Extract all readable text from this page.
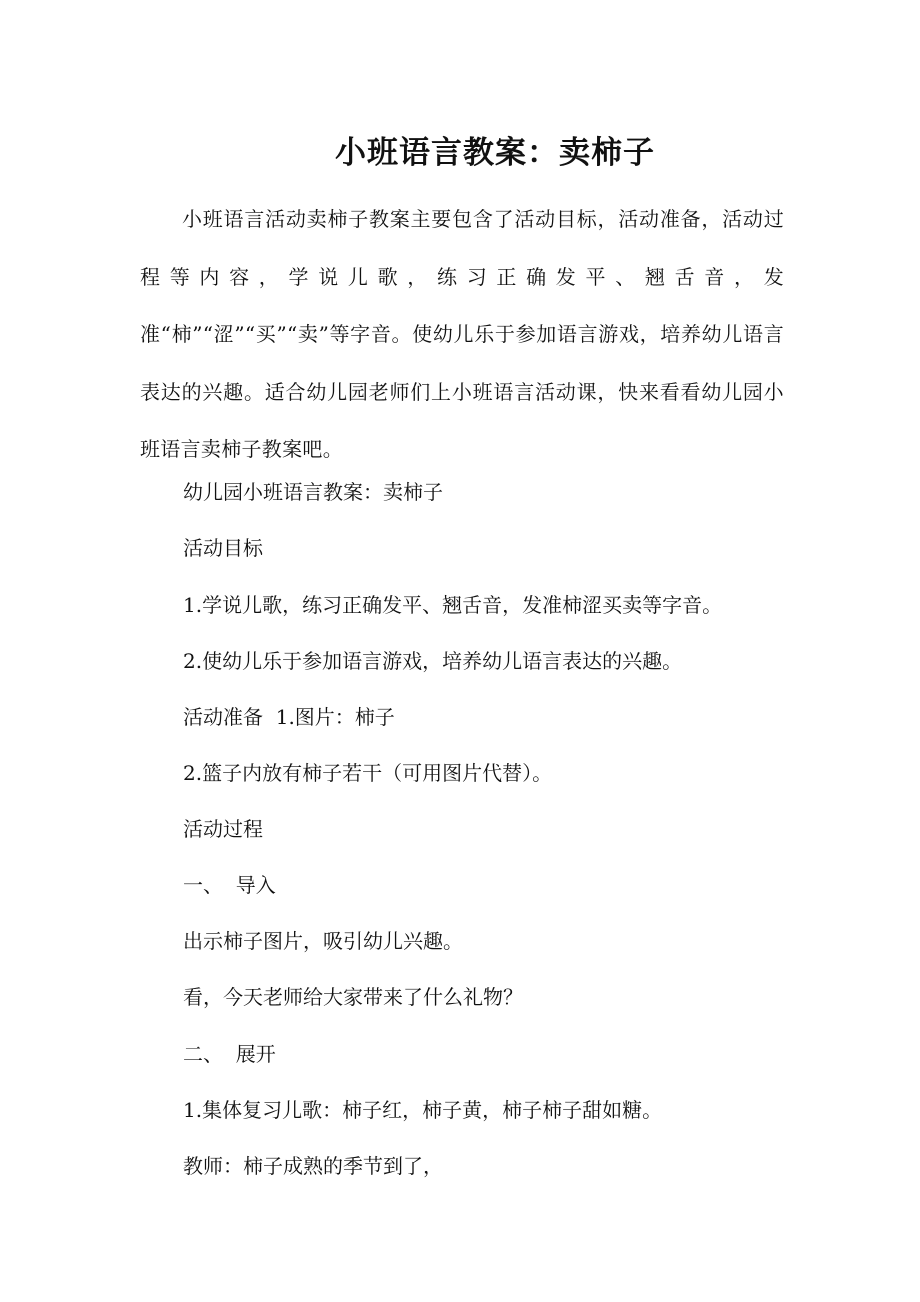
小班语言教案：卖柿子

小班语言活动卖柿子教案主要包含了活动目标，活动准备，活动过程等内容，学说儿歌，练习正确发平、翘舌音，发准“柿”“涩”“买”“卖”等字音。使幼儿乐于参加语言游戏，培养幼儿语言表达的兴趣。适合幼儿园老师们上小班语言活动课，快来看看幼儿园小班语言卖柿子教案吧。

幼儿园小班语言教案：卖柿子

活动目标

1.学说儿歌，练习正确发平、翘舌音，发准柿涩买卖等字音。

2.使幼儿乐于参加语言游戏，培养幼儿语言表达的兴趣。

活动准备  1.图片：柿子

2.篮子内放有柿子若干（可用图片代替）。

活动过程

一、  导入

出示柿子图片，吸引幼儿兴趣。

看，今天老师给大家带来了什么礼物？

二、  展开

1.集体复习儿歌：柿子红，柿子黄，柿子柿子甜如糖。

教师：柿子成熟的季节到了，
